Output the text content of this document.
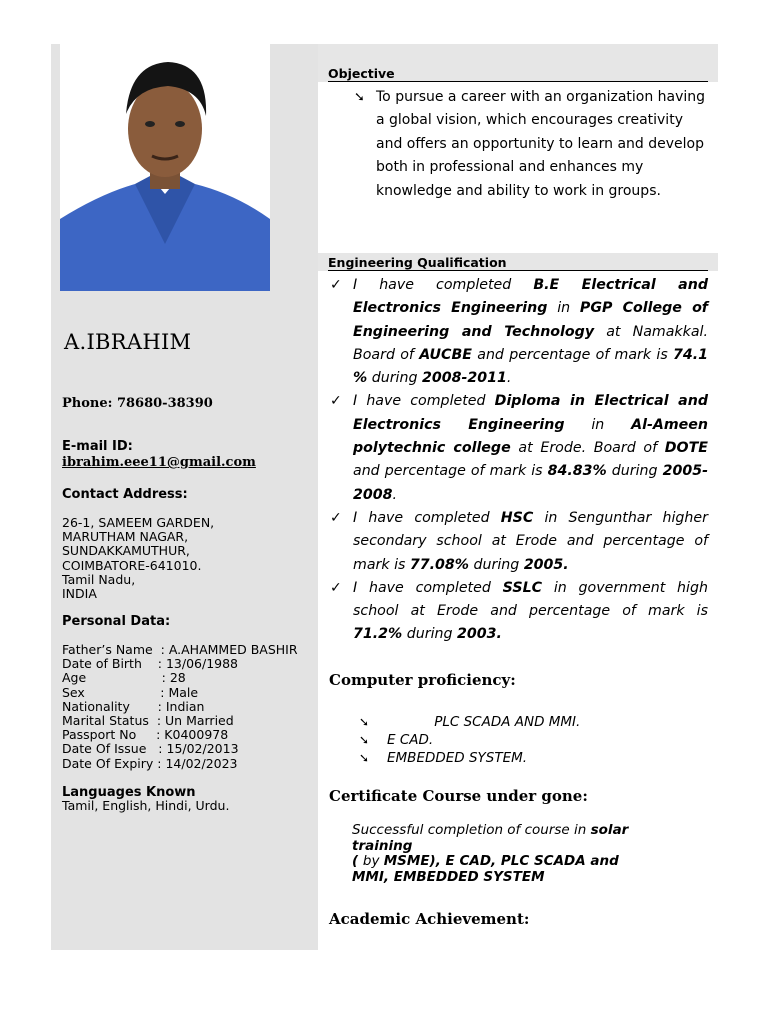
A.IBRAHIM
Phone: 78680-38390
E-mail ID:
ibrahim.eee11@gmail.com
Contact Address:
26-1, SAMEEM GARDEN,
MARUTHAM NAGAR,
SUNDAKKAMUTHUR,
COIMBATORE-641010.
Tamil Nadu,
INDIA
Personal Data:
Father’s Name  : A.AHAMMED BASHIR
Date of Birth    : 13/06/1988
Age                   : 28
Sex                   : Male
Nationality       : Indian
Marital Status  : Un Married
Passport No     : K0400978
Date Of Issue   : 15/02/2013
Date Of Expiry : 14/02/2023
Languages Known
Tamil, English, Hindi, Urdu.
Objective
➘ To pursue a career with an organization having a global vision, which encourages creativity and offers an opportunity to learn and develop both in professional and enhances my knowledge and ability to work in groups.
Engineering Qualification
✓ I have completed B.E Electrical and Electronics Engineering in PGP College of Engineering and Technology at Namakkal. Board of AUCBE and percentage of mark is 74.1 % during 2008-2011.
✓ I have completed Diploma in Electrical and Electronics Engineering in Al-Ameen polytechnic college at Erode. Board of DOTE and percentage of mark is 84.83% during 2005-2008.
✓ I have completed HSC in Sengunthar higher secondary school at Erode and percentage of mark is 77.08% during 2005.
✓ I have completed SSLC in government high school at Erode and percentage of mark is 71.2% during 2003.
Computer proficiency:
➘           PLC SCADA AND MMI.
➘ E CAD.
➘ EMBEDDED SYSTEM.
Certificate Course under gone:
Successful completion of course in solar training
( by MSME), E CAD, PLC SCADA and MMI, EMBEDDED SYSTEM
Academic Achievement:
